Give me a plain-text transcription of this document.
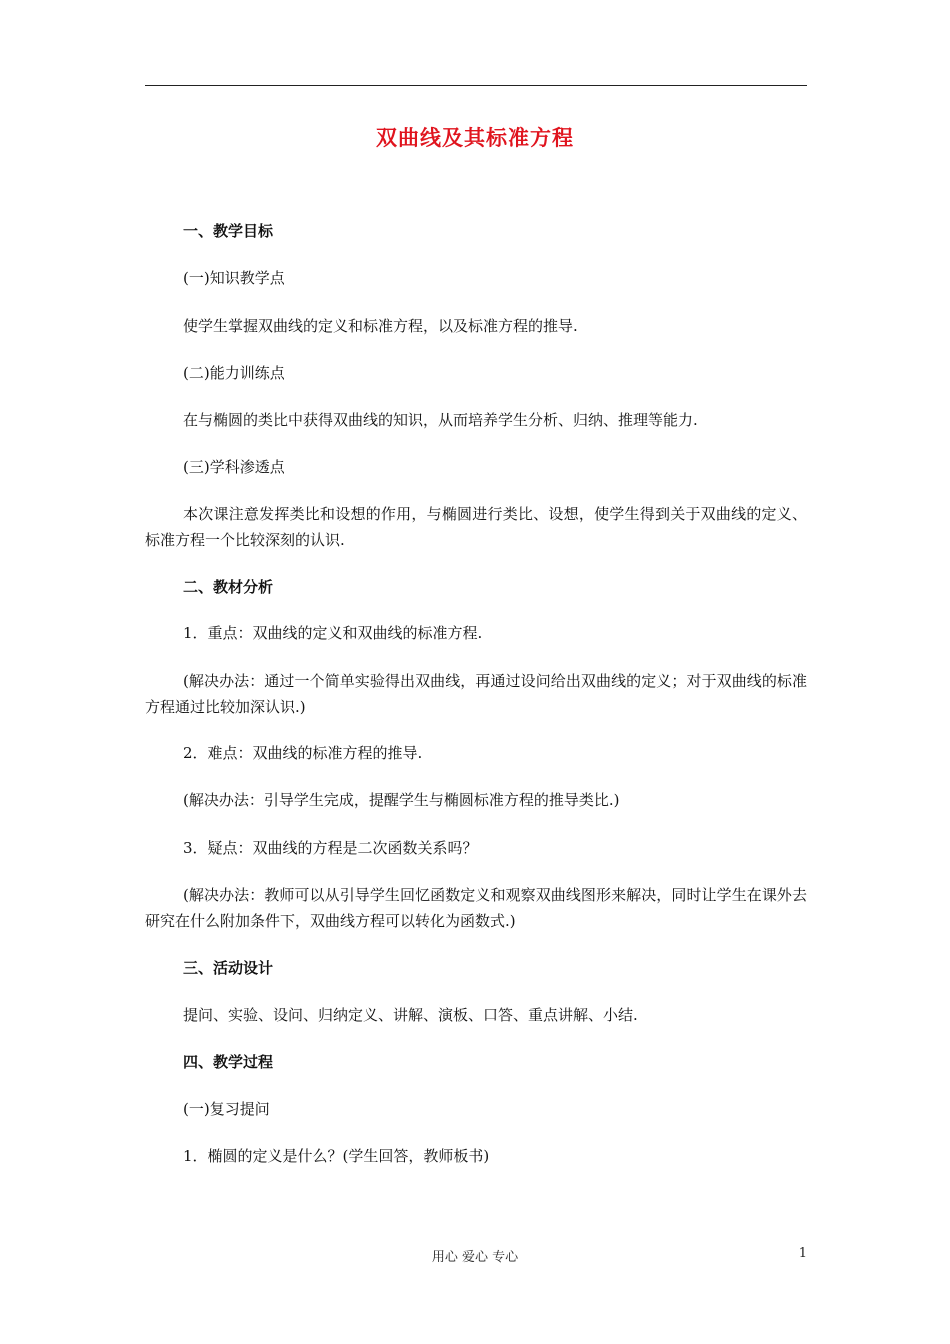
双曲线及其标准方程

一、教学目标

(一)知识教学点

使学生掌握双曲线的定义和标准方程，以及标准方程的推导.

(二)能力训练点

在与椭圆的类比中获得双曲线的知识，从而培养学生分析、归纳、推理等能力.

(三)学科渗透点

本次课注意发挥类比和设想的作用，与椭圆进行类比、设想，使学生得到关于双曲线的定义、标准方程一个比较深刻的认识.

二、教材分析

1．重点：双曲线的定义和双曲线的标准方程.

(解决办法：通过一个简单实验得出双曲线，再通过设问给出双曲线的定义；对于双曲线的标准方程通过比较加深认识.)

2．难点：双曲线的标准方程的推导.

(解决办法：引导学生完成，提醒学生与椭圆标准方程的推导类比.)

3．疑点：双曲线的方程是二次函数关系吗？

(解决办法：教师可以从引导学生回忆函数定义和观察双曲线图形来解决，同时让学生在课外去研究在什么附加条件下，双曲线方程可以转化为函数式.)

三、活动设计

提问、实验、设问、归纳定义、讲解、演板、口答、重点讲解、小结.

四、教学过程

(一)复习提问

1．椭圆的定义是什么？(学生回答，教师板书)

用心 爱心 专心	1
